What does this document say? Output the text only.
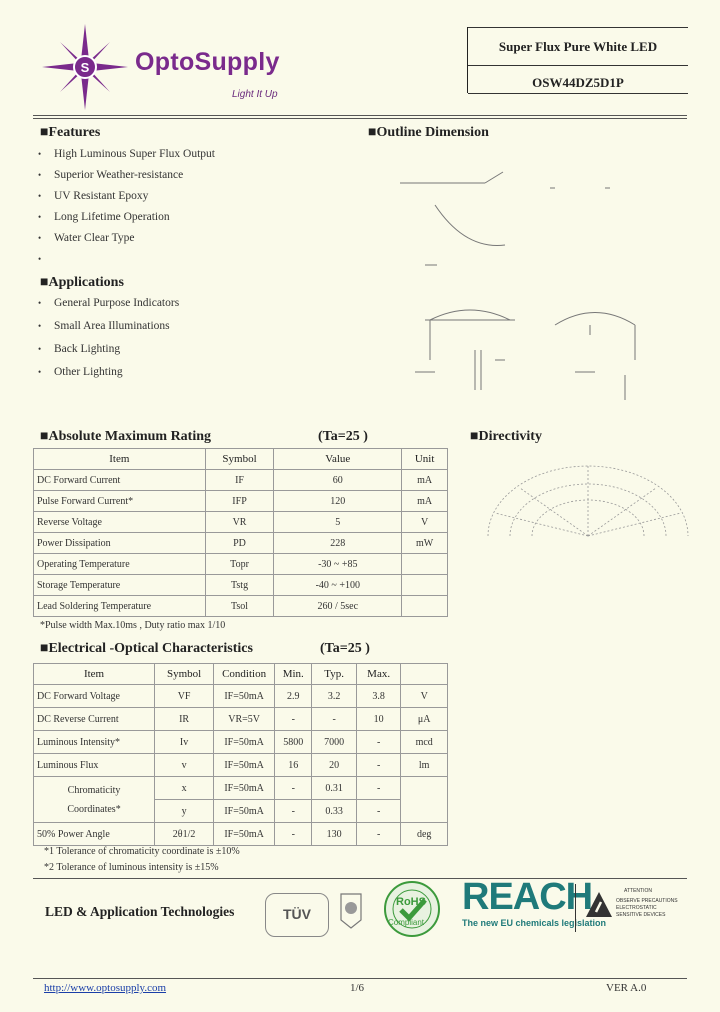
S OptoSupply
Light It Up
Super Flux Pure White LED
OSW44DZ5D1P
■Features
• High Luminous Super Flux Output
• Superior Weather-resistance
• UV Resistant Epoxy
• Long Lifetime Operation
• Water Clear Type
•
■Applications
• General Purpose Indicators
• Small Area Illuminations
• Back Lighting
• Other Lighting
■Outline Dimension
■Absolute Maximum Rating	(Ta=25 )
Item	Symbol	Value	Unit
DC Forward Current	IF	60	mA
Pulse Forward Current*	IFP	120	mA
Reverse Voltage	VR	5	V
Power Dissipation	PD	228	mW
Operating Temperature	Topr	-30 ~ +85	
Storage Temperature	Tstg	-40 ~ +100	
Lead Soldering Temperature	Tsol	260 / 5sec	
*Pulse width Max.10ms , Duty ratio max 1/10
■Directivity
■Electrical -Optical Characteristics	(Ta=25 )
Item	Symbol	Condition	Min.	Typ.	Max.	
DC Forward Voltage	VF	IF=50mA	2.9	3.2	3.8	V
DC Reverse Current	IR	VR=5V	-	-	10	μA
Luminous Intensity*	Iv	IF=50mA	5800	7000	-	mcd
Luminous Flux	v	IF=50mA	16	20	-	lm
Chromaticity
Coordinates*	x	IF=50mA	-	0.31	-	
	y	IF=50mA	-	0.33	-	
50% Power Angle	2θ1/2	IF=50mA	-	130	-	deg
*1 Tolerance of chromaticity coordinate is ±10%
*2 Tolerance of luminous intensity is ±15%
LED & Application Technologies	TÜV
RoHS
Compliant
REACH
The new EU chemicals legislation
ATTENTION
OBSERVE PRECAUTIONS
ELECTROSTATIC
SENSITIVE DEVICES
http://www.optosupply.com	1/6	VER A.0
